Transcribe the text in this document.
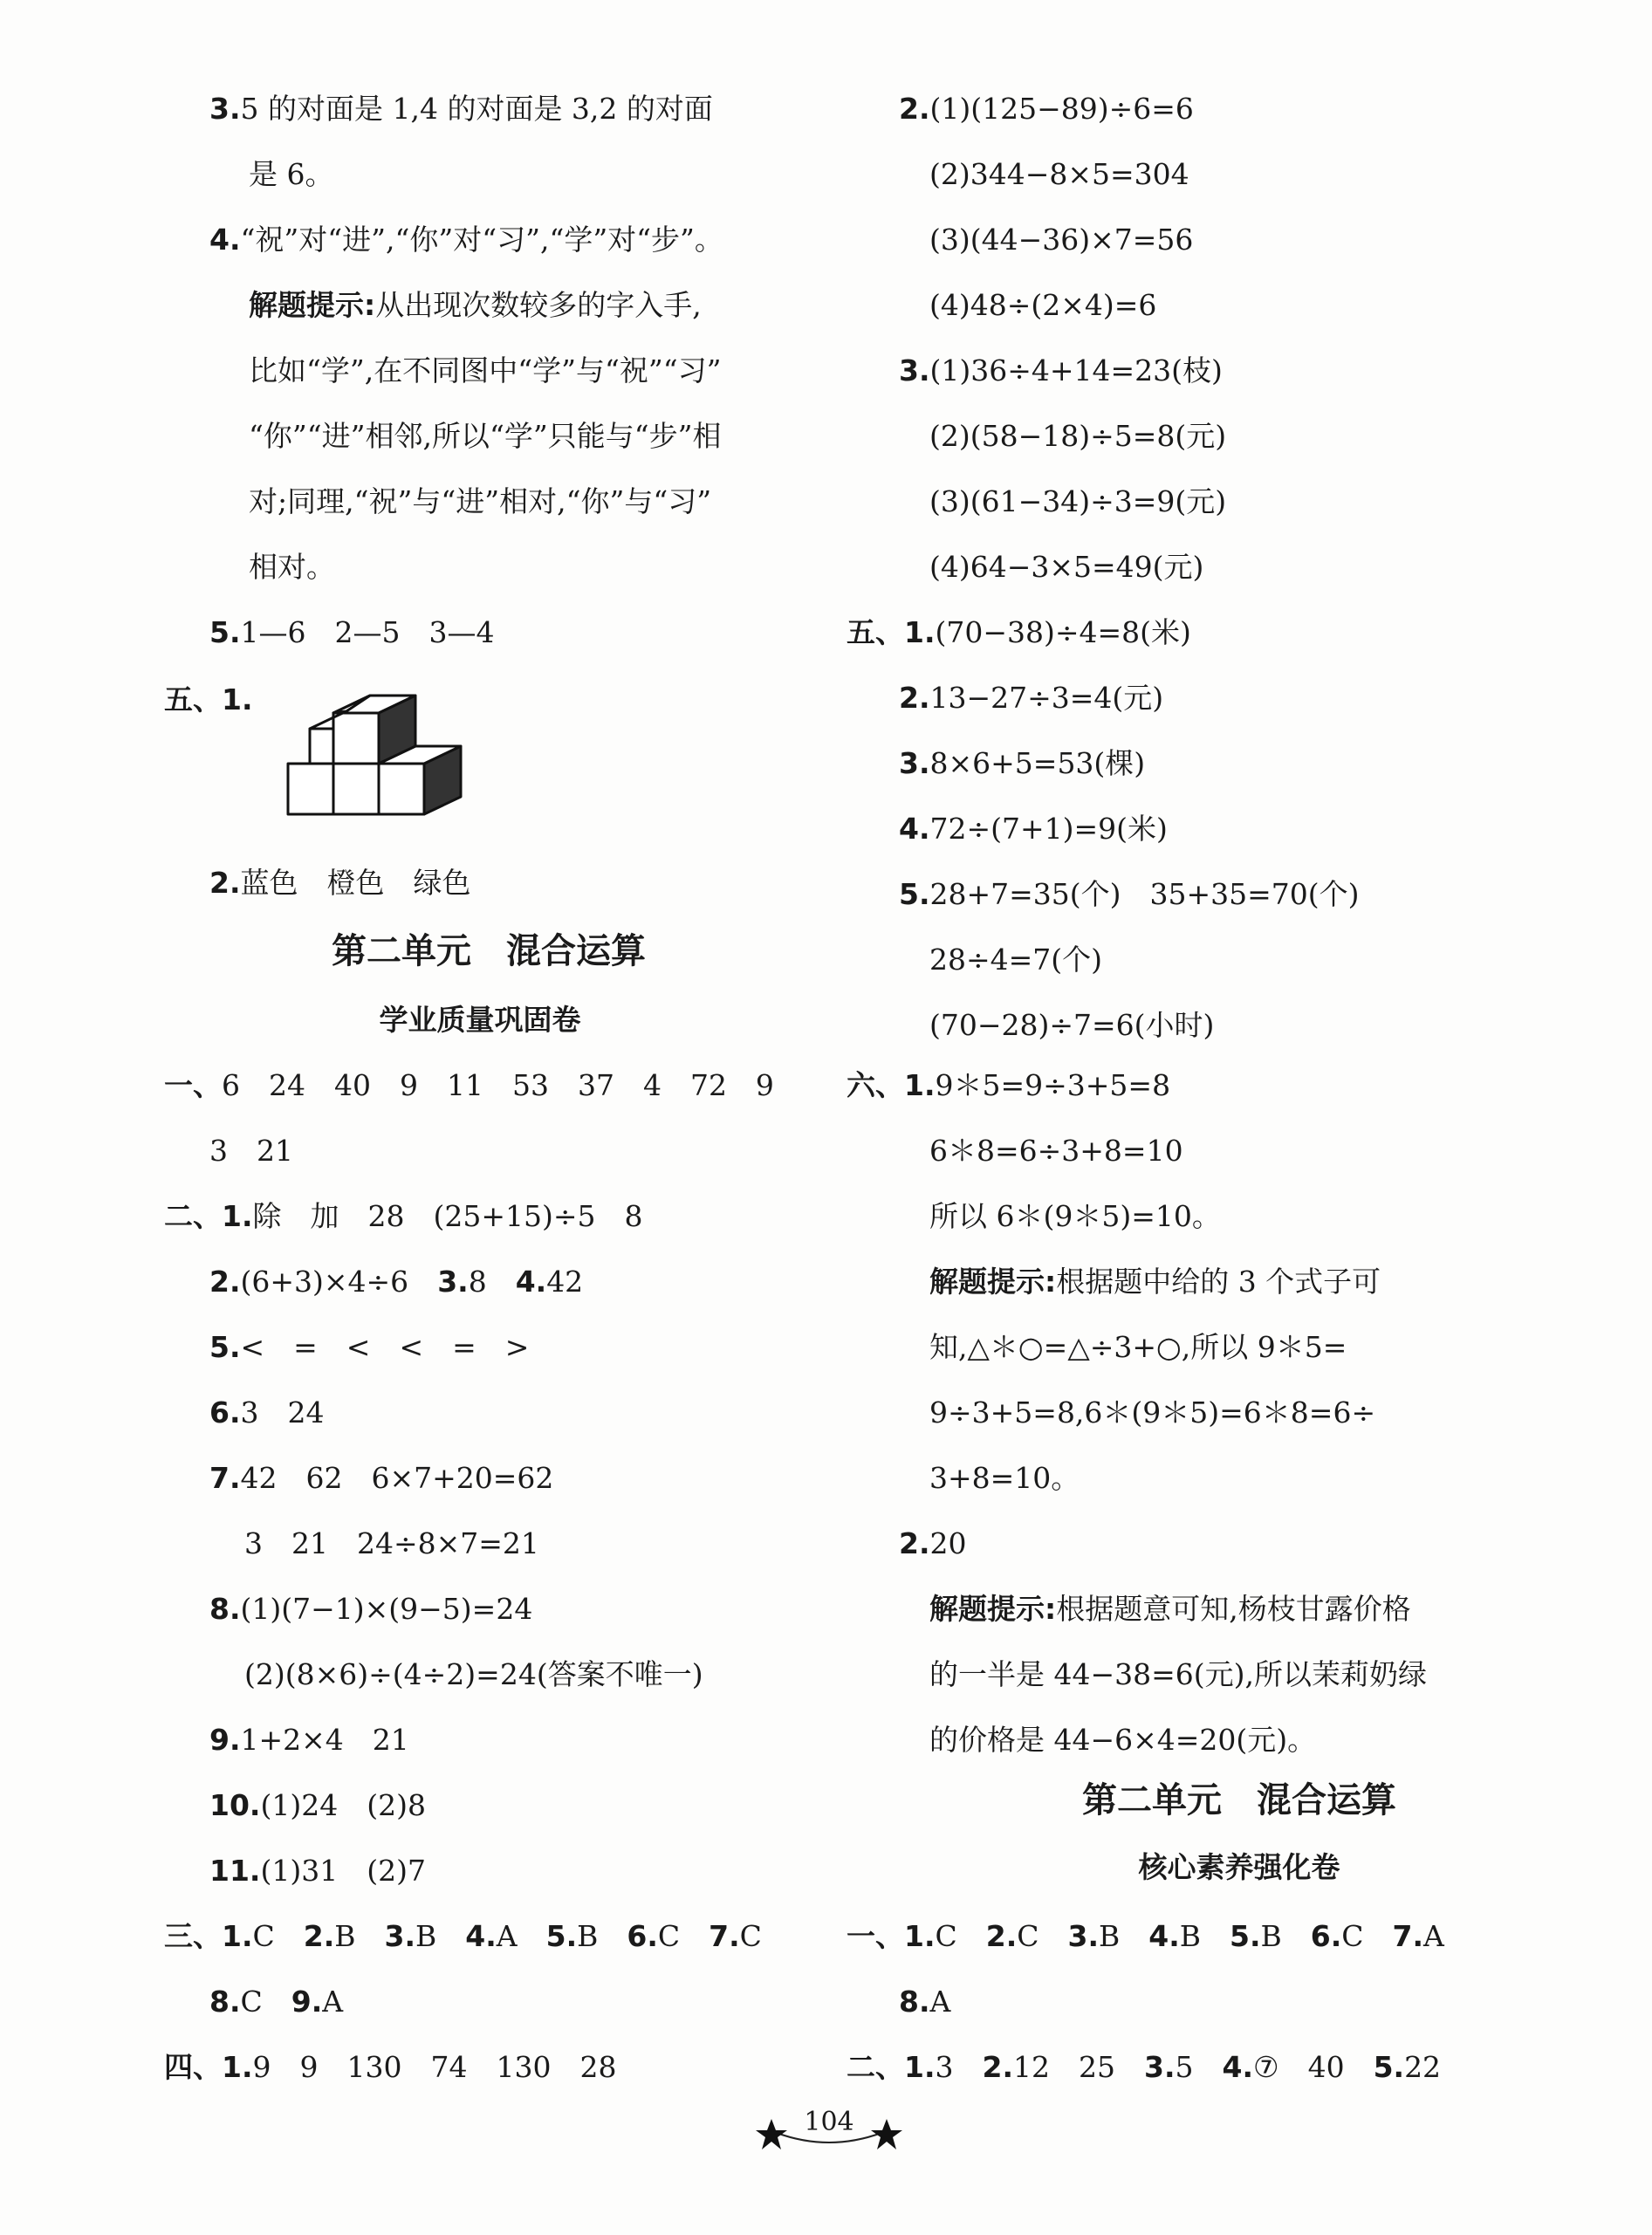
3.5 的对面是 1,4 的对面是 3,2 的对面
是 6。
4.“祝”对“进”,“你”对“习”,“学”对“步”。
解题提示:从出现次数较多的字入手,
比如“学”,在不同图中“学”与“祝”“习”
“你”“进”相邻,所以“学”只能与“步”相
对;同理,“祝”与“进”相对,“你”与“习”
相对。
5.1—6　2—5　3—4
五、1.
2.蓝色　橙色　绿色
第二单元　混合运算
学业质量巩固卷
一、6　24　40　9　11　53　37　4　72　9
3　21
二、1.除　加　28　(25+15)÷5　8
2.(6+3)×4÷6　3.8　4.42
5.<　=　<　<　=　>
6.3　24
7.42　62　6×7+20=62
3　21　24÷8×7=21
8.(1)(7−1)×(9−5)=24
(2)(8×6)÷(4÷2)=24(答案不唯一)
9.1+2×4　21
10.(1)24　(2)8
11.(1)31　(2)7
三、1.C　2.B　3.B　4.A　5.B　6.C　7.C
8.C　9.A
四、1.9　9　130　74　130　28
2.(1)(125−89)÷6=6
(2)344−8×5=304
(3)(44−36)×7=56
(4)48÷(2×4)=6
3.(1)36÷4+14=23(枝)
(2)(58−18)÷5=8(元)
(3)(61−34)÷3=9(元)
(4)64−3×5=49(元)
五、1.(70−38)÷4=8(米)
2.13−27÷3=4(元)
3.8×6+5=53(棵)
4.72÷(7+1)=9(米)
5.28+7=35(个)　35+35=70(个)
28÷4=7(个)
(70−28)÷7=6(小时)
六、1.9＊5=9÷3+5=8
6＊8=6÷3+8=10
所以 6＊(9＊5)=10。
解题提示:根据题中给的 3 个式子可
知,△＊○=△÷3+○,所以 9＊5=
9÷3+5=8,6＊(9＊5)=6＊8=6÷
3+8=10。
2.20
解题提示:根据题意可知,杨枝甘露价格
的一半是 44−38=6(元),所以茉莉奶绿
的价格是 44−6×4=20(元)。
第二单元　混合运算
核心素养强化卷
一、1.C　2.C　3.B　4.B　5.B　6.C　7.A
8.A
二、1.3　2.12　25　3.5　4.⑦　40　5.22
104
